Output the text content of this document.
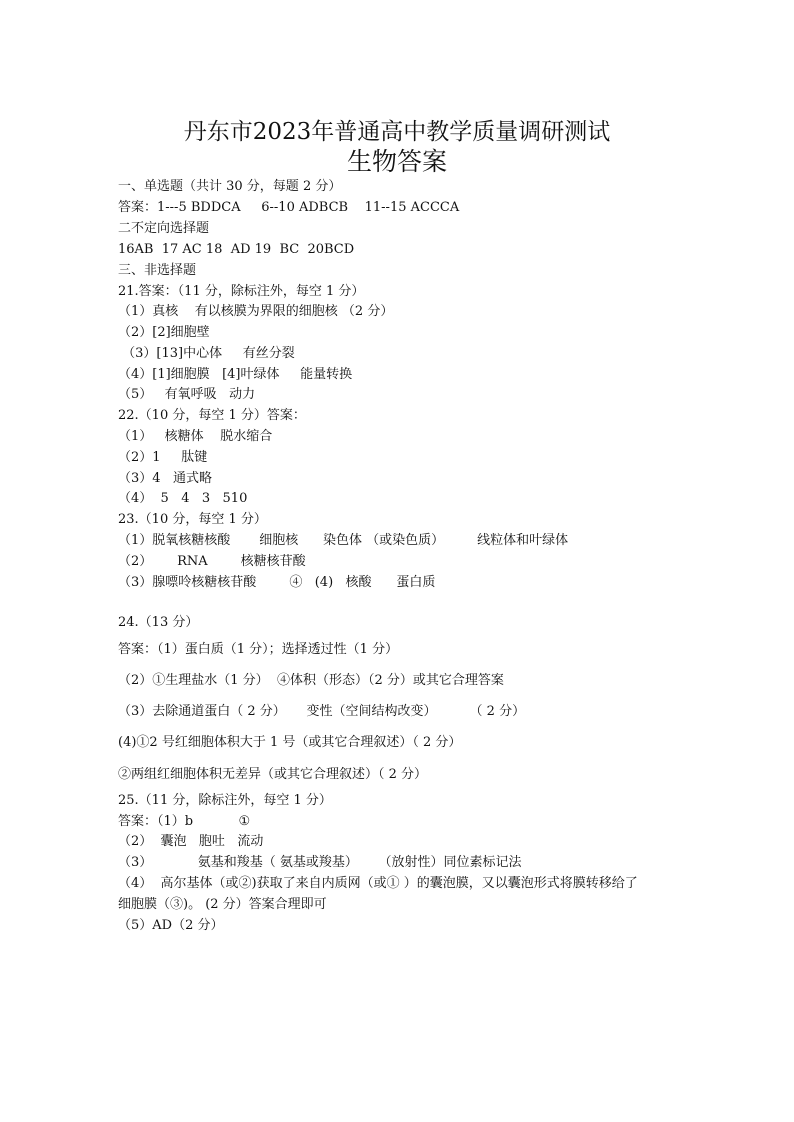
丹东市2023年普通高中教学质量调研测试
生物答案
一、单选题（共计 30 分，每题 2 分）
答案：1---5 BDDCA     6--10 ADBCB    11--15 ACCCA
二不定向选择题
16AB  17 AC 18  AD 19  BC  20BCD
三、非选择题
21.答案：（11 分，除标注外，每空 1 分）
（1）真核    有以核膜为界限的细胞核 （2 分）
（2）[2]细胞壁
（3）[13]中心体     有丝分裂
（4）[1]细胞膜   [4]叶绿体     能量转换
（5）   有氧呼吸   动力
22.（10 分，每空 1 分）答案：
（1）   核糖体    脱水缩合
（2）1     肽键
（3）4   通式略
（4）  5   4   3   510
23.（10 分，每空 1 分）
（1）脱氧核糖核酸       细胞核      染色体 （或染色质）        线粒体和叶绿体
（2）      RNA        核糖核苷酸
（3）腺嘌呤核糖核苷酸        ④   (4)   核酸      蛋白质
24.（13 分）
答案：（1）蛋白质（1 分）；选择透过性（1 分）
（2）①生理盐水（1 分）  ④体积（形态）（2 分）或其它合理答案
（3）去除通道蛋白（ 2 分）     变性（空间结构改变）        （ 2 分）
(4)①2 号红细胞体积大于 1 号（或其它合理叙述）（ 2 分）
②两组红细胞体积无差异（或其它合理叙述）（ 2 分）
25.（11 分，除标注外，每空 1 分）
答案：（1）b           ①
（2）  囊泡   胞吐   流动
（3）           氨基和羧基（ 氨基或羧基）     （放射性）同位素标记法
（4）  高尔基体（或②)获取了来自内质网（或① ）的囊泡膜，又以囊泡形式将膜转移给了
细胞膜（③)。 (2 分）答案合理即可
（5）AD（2 分）
